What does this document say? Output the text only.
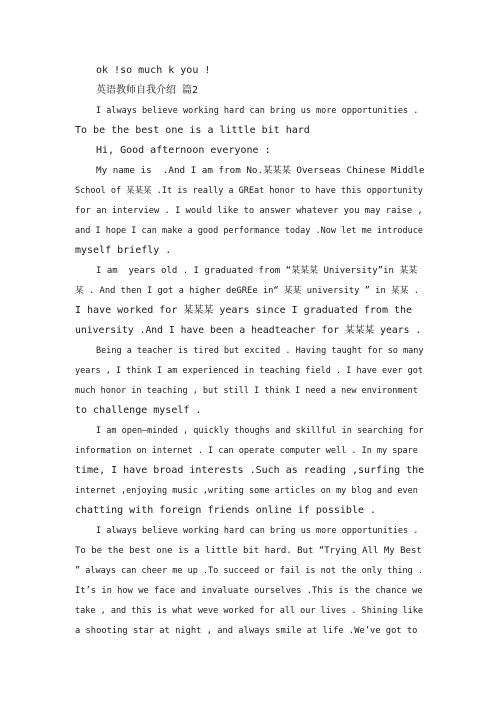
ok !so much k you !
英语教师自我介绍 篇2
I always believe working hard can bring us more opportunities .
To be the best one is a little bit hard
Hi, Good afternoon everyone :
My name is  .And I am from No.某某某 Overseas Chinese Middle
School of 某某某 .It is really a GREat honor to have this opportunity
for an interview . I would like to answer whatever you may raise ,
and I hope I can make a good performance today .Now let me introduce
myself briefly .
I am  years old . I graduated from “某某某 University”in 某某
某 . And then I got a higher deGREe in“ 某某 university ” in 某某 .
I have worked for 某某某 years since I graduated from the
university .And I have been a headteacher for 某某某 years .
Being a teacher is tired but excited . Having taught for so many
years , I think I am experienced in teaching field . I have ever got
much honor in teaching , but still I think I need a new environment
to challenge myself .
I am open—minded , quickly thoughs and skillful in searching for
information on internet . I can operate computer well . In my spare
time, I have broad interests .Such as reading ,surfing the
internet ,enjoying music ,writing some articles on my blog and even
chatting with foreign friends online if possible .
I always believe working hard can bring us more opportunities .
To be the best one is a little bit hard. But “Trying All My Best
” always can cheer me up .To succeed or fail is not the only thing .
It’s in how we face and invaluate ourselves .This is the chance we
take , and this is what weve worked for all our lives . Shining like
a shooting star at night , and always smile at life .We’ve got to
